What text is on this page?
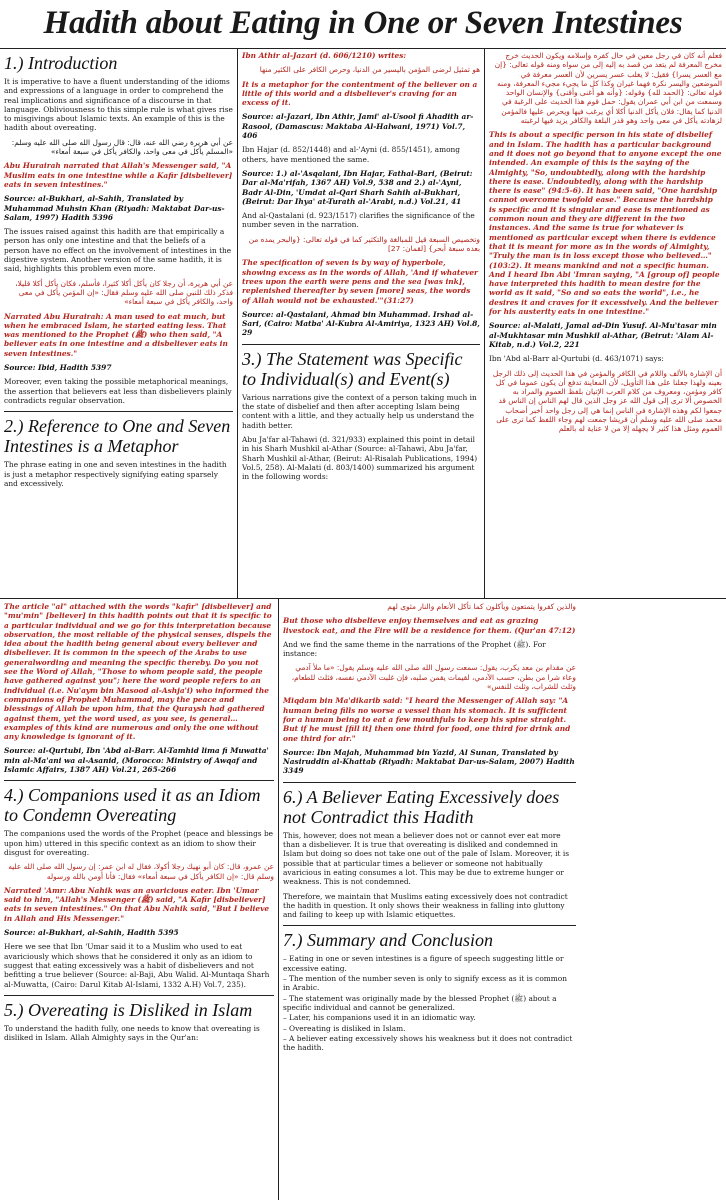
Hadith about Eating in One or Seven Intestines
1.) Introduction

It is imperative to have a fluent understanding of the idioms and expressions of a language in order to comprehend the real implications and significance of a discourse in that language. Obliviousness to this simple rule is what gives rise to misgivings about Islamic texts. An example of this is the hadith about overeating.

عن أبي هريرة رضي الله عنه، قال: قال رسول الله صلى الله عليه وسلم: «المسلم يأكل في معى واحد، والكافر يأكل في سبعة أمعاء»

Abu Hurairah narrated that Allah's Messenger said, "A Muslim eats in one intestine while a Kafir [disbeliever] eats in seven intestines."

Source: al-Bukhari, al-Sahih, Translated by Muhammad Muhsin Khan (Riyadh: Maktabat Dar-us-Salam, 1997) Hadith 5396

The issues raised against this hadith are that empirically a person has only one intestine and that the beliefs of a person have no effect on the involvement of intestines in the digestive system. Another version of the same hadith, it is said, highlights this problem even more.

عن أبي هريرة، أن رجلا كان يأكل أكلا كثيرا، فأسلم، فكان يأكل أكلا قليلا، فذكر ذلك للنبي صلى الله عليه وسلم فقال: «إن المؤمن يأكل في معى واحد، والكافر يأكل في سبعة أمعاء»

Narrated Abu Hurairah: A man used to eat much, but when he embraced Islam, he started eating less. That was mentioned to the Prophet (ﷺ) who then said, "A believer eats in one intestine and a disbeliever eats in seven intestines."

Source: Ibid, Hadith 5397

Moreover, even taking the possible metaphorical meanings, the assertion that believers eat less than disbelievers plainly contradicts regular observation.

2.) Reference to One and Seven Intestines is a Metaphor

The phrase eating in one and seven intestines in the hadith is just a metaphor respectively signifying eating sparsely and excessively.

Ibn Athir al-Jazari (d. 606/1210) writes:

هو تمثيل لرضى المؤمن باليسير من الدنيا، وحرص الكافر على الكثير منها

It is a metaphor for the contentment of the believer on a little of this world and a disbeliever's craving for an excess of it.

Source: al-Jazari, Ibn Athir, Jami' al-Usool fi Ahadith ar-Rasool, (Damascus: Maktaba Al-Halwani, 1971) Vol.7, 406

Ibn Hajar (d. 852/1448) and al-'Ayni (d. 855/1451), among others, have mentioned the same.

Source: 1.) al-'Asqalani, Ibn Hajar, Fathal-Bari, (Beirut: Dar al-Ma'rifah, 1367 AH) Vol.9, 538 and 2.) al-'Ayni, Badr Al-Din, 'Umdat al-Qari Sharh Sahih al-Bukhari, (Beirut: Dar Ihya' at-Turath al-'Arabi, n.d.) Vol.21, 41

And al-Qastalani (d. 923/1517) clarifies the significance of the number seven in the narration.

وتخصيص السبعة قيل للمبالغة والتكثير كما في قوله تعالى: {والبحر يمده من بعده سبعة أبحر} [لقمان: 27]

The specification of seven is by way of hyperbole, showing excess as in the words of Allah, 'And if whatever trees upon the earth were pens and the sea [was ink], replenished thereafter by seven [more] seas, the words of Allah would not be exhausted.'"(31:27)

Source: al-Qastalani, Ahmad bin Muhammad. Irshad al-Sari, (Cairo: Matba' Al-Kubra Al-Amiriya, 1323 AH) Vol.8, 29

3.) The Statement was Specific to Individual(s) and Event(s)

Various narrations give the context of a person taking much in the state of disbelief and then after accepting Islam being content with a little, and they actually help us understand the hadith better.

Abu Ja'far al-Tahawi (d. 321/933) explained this point in detail in his Sharh Mushkil al-Athar (Source: al-Tahawi, Abu Ja'far, Sharh Mushkil al-Athar, (Beirut: Al-Risalah Publications, 1994) Vol.5, 258). Al-Malati (d. 803/1400) summarized his argument in the following words:

فعلم أنه كان في رجل معين في حال كفره وإسلامه ويكون الحديث خرج مخرج المعرفة لم يتعد من قصد به إليه إلى من سواه ومنه قوله تعالى: {إن مع العسر يسرا} فقيل: لا يغلب عسر يسرين لأن العسر معرفة في الموضعين واليسر نكرة فهما غيران وكذا كل ما يجيء مجيء المعرفة، ومنه قوله تعالى: {الحمد لله} وقوله: {وأنه هو أغنى وأقنى} والإنسان الواحد وسمعت من ابن أبي عمران يقول: حمل قوم هذا الحديث على الرغبة في الدنيا كما يقال: فلان يأكل الدنيا أكلا أي يرغب فيها ويحرص عليها فالمؤمن لزهادته يأكل في معى واحد وهو قدر البلغة والكافر يزيد فيها لرغبته

This is about a specific person in his state of disbelief and in Islam. The hadith has a particular background and it does not go beyond that to anyone except the one intended. An example of this is the saying of the Almighty, "So, undoubtedly, along with the hardship there is ease. Undoubtedly, along with the hardship there is ease" (94:5-6). It has been said, "One hardship cannot overcome twofold ease." Because the hardship is specific and it is singular and ease is mentioned as common noun and they are different in the two instances. And the same is true for whatever is mentioned as particular except when there is evidence that it is meant for more as in the words of Almighty, "Truly the man is in loss except those who believed…"(103:2). It means mankind and not a specific human. And I heard Ibn Abi 'Imran saying, "A [group of] people have interpreted this hadith to mean desire for the world as it said, "So and so eats the world", i.e., he desires it and craves for it excessively. And the believer for his austerity eats in one intestine."

Source: al-Malati, Jamal ad-Din Yusuf. Al-Mu'tasar min al-Mukhtasar min Mushkil al-Athar, (Beirut: 'Alam Al-Kitab, n.d.) Vol.2, 221

Ibn 'Abd al-Barr al-Qurtubi (d. 463/1071) says:

أن الإشارة بالألف واللام في الكافر والمؤمن في هذا الحديث إلى ذلك الرجل بعينه ولهذا جعلنا على هذا التأويل، لأن المعاينة تدفع أن يكون عموما في كل كافر ومؤمن، ومعروف من كلام العرب الإتيان بلفظ العموم والمراد به الخصوص ألا ترى إلى قول الله عز وجل الذين قال لهم الناس إن الناس قد جمعوا لكم وهذه الإشارة في الناس إنما هي إلى رجل واحد أخبر أصحاب محمد صلى الله عليه وسلم أن قريشا جمعت لهم وجاء اللفظ كما ترى على العموم ومثل هذا كثير لا يجهله إلا من لا عناية له بالعلم

The article "al" attached with the words "kafir" [disbeliever] and "mu'min" [believer] in this hadith points out that it is specific to a particular individual and we go for this interpretation because observation, the most reliable of the physical senses, dispels the idea about the hadith being general about every believer and disbeliever. It is common in the speech of the Arabs to use generalwording and meaning the specific thereby. Do you not see the Word of Allah, "Those to whom people said, the people have gathered against you"; here the word people refers to an individual (i.e. Nu'aym bin Masood al-Ashja'i) who informed the companions of Prophet Muhammad, may the peace and blessings of Allah be upon him, that the Quraysh had gathered against them, yet the word used, as you see, is general… examples of this kind are numerous and only the one without any knowledge is ignorant of it.

Source: al-Qurtubi, Ibn 'Abd al-Barr. Al-Tamhid lima fi Muwatta' min al-Ma'ani wa al-Asanid, (Morocco: Ministry of Awqaf and Islamic Affairs, 1387 AH) Vol.21, 265-266

4.) Companions used it as an Idiom to Condemn Overeating

The companions used the words of the Prophet (peace and blessings be upon him) uttered in this specific context as an idiom to show their disgust for overeating.

عن عمرو، قال: كان أبو نهيك رجلا أكولا، فقال له ابن عمر: إن رسول الله صلى الله عليه وسلم قال: «إن الكافر يأكل في سبعة أمعاء» فقال: فأنا أومن بالله ورسوله

Narrated 'Amr: Abu Nahik was an avaricious eater. Ibn 'Umar said to him, "Allah's Messenger (ﷺ) said, "A Kafir [disbeliever] eats in seven intestines." On that Abu Nahik said, "But I believe in Allah and His Messenger."

Source: al-Bukhari, al-Sahih, Hadith 5395

Here we see that Ibn 'Umar said it to a Muslim who used to eat avariciously which shows that he considered it only as an idiom to suggest that eating excessively was a habit of disbelievers and not befitting a true believer (Source: al-Baji, Abu Walid. Al-Muntaqa Sharh al-Muwatta, (Cairo: Darul Kitab Al-Islami, 1332 A.H) Vol.7, 235).

5.) Overeating is Disliked in Islam

To understand the hadith fully, one needs to know that overeating is disliked in Islam. Allah Almighty says in the Qur'an:

والذين كفروا يتمتعون ويأكلون كما تأكل الأنعام والنار مثوى لهم

But those who disbelieve enjoy themselves and eat as grazing livestock eat, and the Fire will be a residence for them. (Qur'an 47:12)

And we find the same theme in the narrations of the Prophet (ﷺ). For instance:

عن مقدام بن معد يكرب، يقول: سمعت رسول الله صلى الله عليه وسلم يقول: «ما ملأ آدمي وعاء شرا من بطن، حسب الآدمي، لقيمات يقمن صلبه، فإن غلبت الآدمي نفسه، فثلث للطعام، وثلث للشراب، وثلث للنفس»

Miqdam bin Ma'dikarib said: "I heard the Messenger of Allah say: "A human being fills no worse a vessel than his stomach. It is sufficient for a human being to eat a few mouthfuls to keep his spine straight. But if he must [fill it] then one third for food, one third for drink and one third for air."

Source: Ibn Majah, Muhammad bin Yazid, Al Sunan, Translated by Nasiruddin al-Khattab (Riyadh: Maktabat Dar-us-Salam, 2007) Hadith 3349

6.) A Believer Eating Excessively does not Contradict this Hadith

This, however, does not mean a believer does not or cannot ever eat more than a disbeliever. It is true that overeating is disliked and condemned in Islam but doing so does not take one out of the pale of Islam. Moreover, it is possible that at particular times a believer or someone not habitually avaricious in eating consumes a lot. This may be due to extreme hunger or weakness. This is not condemned.

Therefore, we maintain that Muslims eating excessively does not contradict the hadith in question. It only shows their weakness in falling into gluttony and failing to keep up with Islamic etiquettes.

7.) Summary and Conclusion
– Eating in one or seven intestines is a figure of speech suggesting little or excessive eating.
– The mention of the number seven is only to signify excess as it is common in Arabic.
– The statement was originally made by the blessed Prophet (ﷺ) about a specific individual and cannot be generalized.
– Later, his companions used it in an idiomatic way.
– Overeating is disliked in Islam.
– A believer eating excessively shows his weakness but it does not contradict the hadith.
